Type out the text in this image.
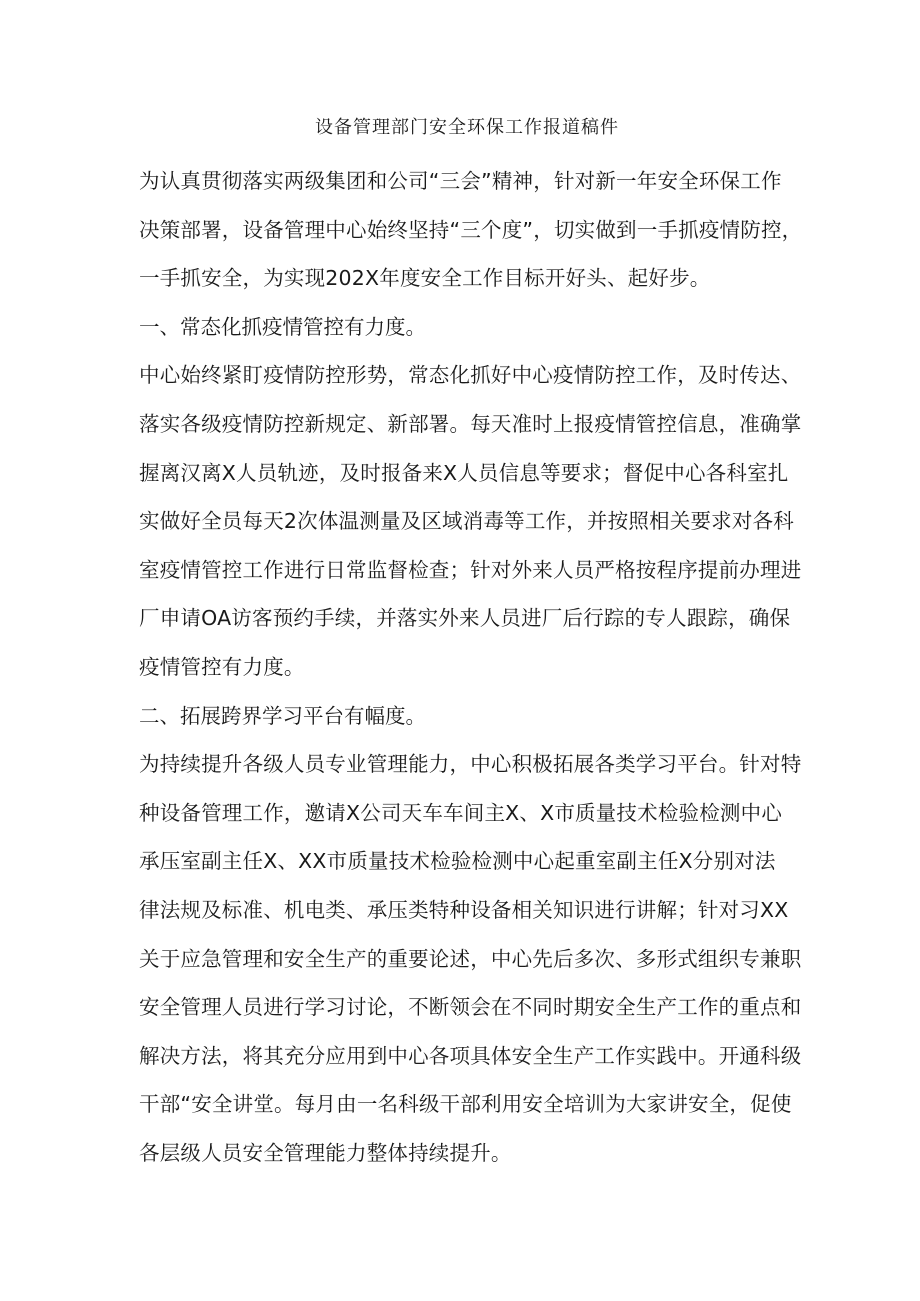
设备管理部门安全环保工作报道稿件

为认真贯彻落实两级集团和公司“三会”精神，针对新一年安全环保工作
决策部署，设备管理中心始终坚持“三个度”，切实做到一手抓疫情防控，
一手抓安全，为实现202X年度安全工作目标开好头、起好步。

一、常态化抓疫情管控有力度。

中心始终紧盯疫情防控形势，常态化抓好中心疫情防控工作，及时传达、
落实各级疫情防控新规定、新部署。每天准时上报疫情管控信息，准确掌
握离汉离X人员轨迹，及时报备来X人员信息等要求；督促中心各科室扎
实做好全员每天2次体温测量及区域消毒等工作，并按照相关要求对各科
室疫情管控工作进行日常监督检查；针对外来人员严格按程序提前办理进
厂申请OA访客预约手续，并落实外来人员进厂后行踪的专人跟踪，确保
疫情管控有力度。

二、拓展跨界学习平台有幅度。

为持续提升各级人员专业管理能力，中心积极拓展各类学习平台。针对特
种设备管理工作，邀请X公司天车车间主X、X市质量技术检验检测中心
承压室副主任X、XX市质量技术检验检测中心起重室副主任X分别对法
律法规及标准、机电类、承压类特种设备相关知识进行讲解；针对习XX
关于应急管理和安全生产的重要论述，中心先后多次、多形式组织专兼职
安全管理人员进行学习讨论，不断领会在不同时期安全生产工作的重点和
解决方法，将其充分应用到中心各项具体安全生产工作实践中。开通科级
干部“安全讲堂。每月由一名科级干部利用安全培训为大家讲安全，促使
各层级人员安全管理能力整体持续提升。
